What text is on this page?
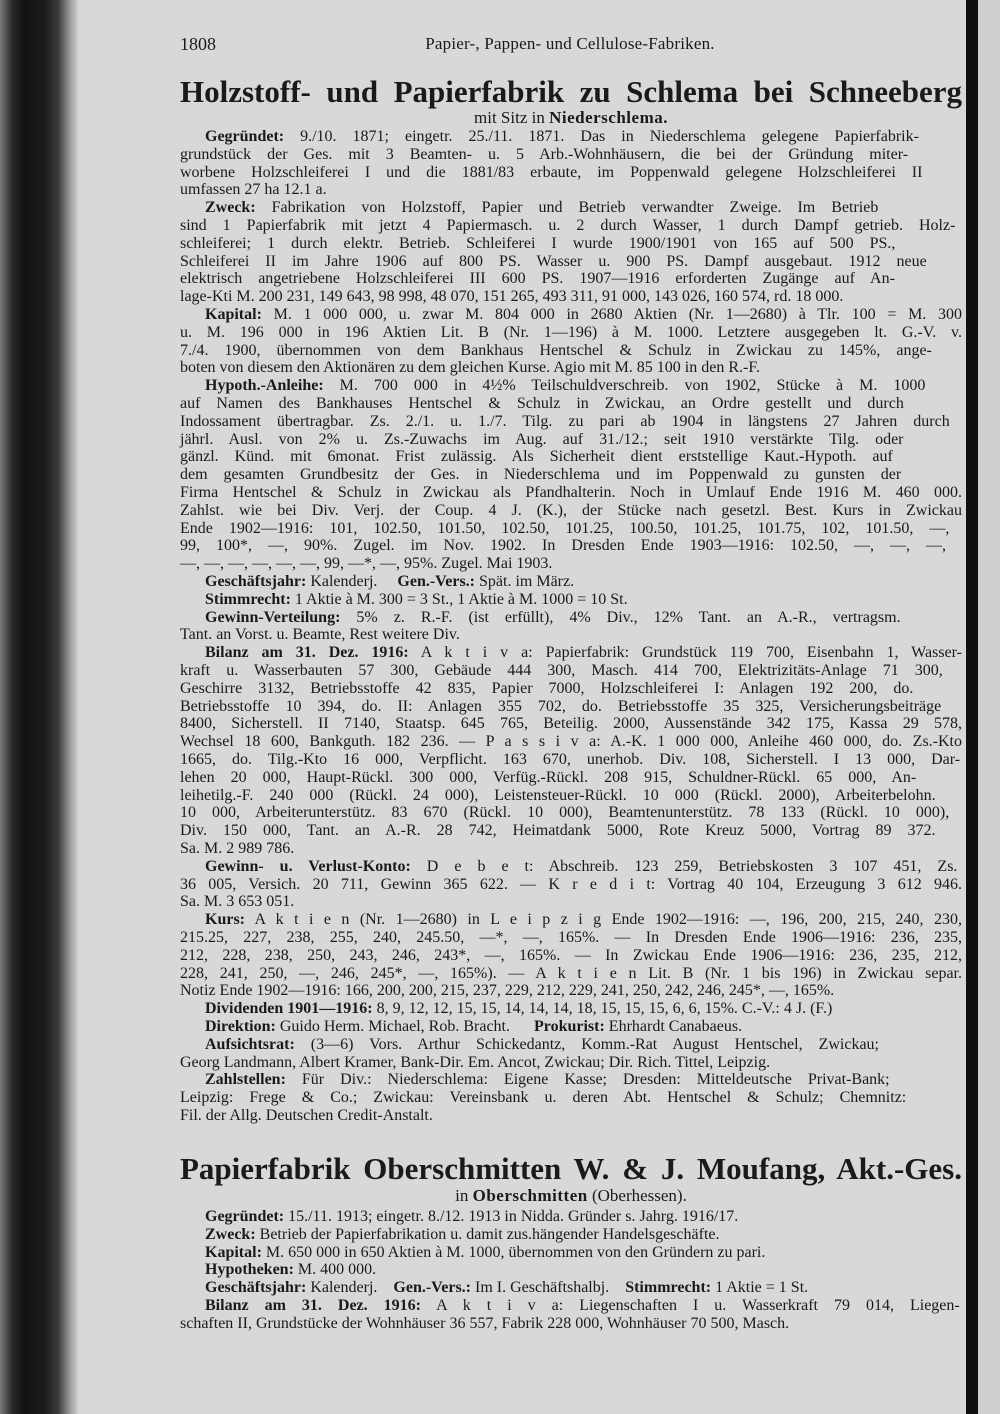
1808	Papier-, Pappen- und Cellulose-Fabriken.
Holzstoff- und Papierfabrik zu Schlema bei Schneeberg
mit Sitz in Niederschlema.
Gegründet: 9./10. 1871; eingetr. 25./11. 1871. Das in Niederschlema gelegene Papierfabrik-
grundstück der Ges. mit 3 Beamten- u. 5 Arb.-Wohnhäusern, die bei der Gründung miter-
worbene Holzschleiferei I und die 1881/83 erbaute, im Poppenwald gelegene Holzschleiferei II
umfassen 27 ha 12.1 a.
Zweck: Fabrikation von Holzstoff, Papier und Betrieb verwandter Zweige. Im Betrieb
sind 1 Papierfabrik mit jetzt 4 Papiermasch. u. 2 durch Wasser, 1 durch Dampf getrieb. Holz-
schleiferei; 1 durch elektr. Betrieb. Schleiferei I wurde 1900/1901 von 165 auf 500 PS.,
Schleiferei II im Jahre 1906 auf 800 PS. Wasser u. 900 PS. Dampf ausgebaut. 1912 neue
elektrisch angetriebene Holzschleiferei III 600 PS. 1907—1916 erforderten Zugänge auf An-
lage-Kti M. 200 231, 149 643, 98 998, 48 070, 151 265, 493 311, 91 000, 143 026, 160 574, rd. 18 000.
Kapital: M. 1 000 000, u. zwar M. 804 000 in 2680 Aktien (Nr. 1—2680) à Tlr. 100 = M. 300
u. M. 196 000 in 196 Aktien Lit. B (Nr. 1—196) à M. 1000. Letztere ausgegeben lt. G.-V. v.
7./4. 1900, übernommen von dem Bankhaus Hentschel & Schulz in Zwickau zu 145%, ange-
boten von diesem den Aktionären zu dem gleichen Kurse. Agio mit M. 85 100 in den R.-F.
Hypoth.-Anleihe: M. 700 000 in 4½% Teilschuldverschreib. von 1902, Stücke à M. 1000
auf Namen des Bankhauses Hentschel & Schulz in Zwickau, an Ordre gestellt und durch
Indossament übertragbar. Zs. 2./1. u. 1./7. Tilg. zu pari ab 1904 in längstens 27 Jahren durch
jährl. Ausl. von 2% u. Zs.-Zuwachs im Aug. auf 31./12.; seit 1910 verstärkte Tilg. oder
gänzl. Künd. mit 6monat. Frist zulässig. Als Sicherheit dient erststellige Kaut.-Hypoth. auf
dem gesamten Grundbesitz der Ges. in Niederschlema und im Poppenwald zu gunsten der
Firma Hentschel & Schulz in Zwickau als Pfandhalterin. Noch in Umlauf Ende 1916 M. 460 000.
Zahlst. wie bei Div. Verj. der Coup. 4 J. (K.), der Stücke nach gesetzl. Best. Kurs in Zwickau
Ende 1902—1916: 101, 102.50, 101.50, 102.50, 101.25, 100.50, 101.25, 101.75, 102, 101.50, —,
99, 100*, —, 90%. Zugel. im Nov. 1902. In Dresden Ende 1903—1916: 102.50, —, —, —,
—, —, —, —, —, —, 99, —*, —, 95%. Zugel. Mai 1903.
Geschäftsjahr: Kalenderj.     Gen.-Vers.: Spät. im März.
Stimmrecht: 1 Aktie à M. 300 = 3 St., 1 Aktie à M. 1000 = 10 St.
Gewinn-Verteilung: 5% z. R.-F. (ist erfüllt), 4% Div., 12% Tant. an A.-R., vertragsm.
Tant. an Vorst. u. Beamte, Rest weitere Div.
Bilanz am 31. Dez. 1916: A k t i v a: Papierfabrik: Grundstück 119 700, Eisenbahn 1, Wasser-
kraft u. Wasserbauten 57 300, Gebäude 444 300, Masch. 414 700, Elektrizitäts-Anlage 71 300,
Geschirre 3132, Betriebsstoffe 42 835, Papier 7000, Holzschleiferei I: Anlagen 192 200, do.
Betriebsstoffe 10 394, do. II: Anlagen 355 702, do. Betriebsstoffe 35 325, Versicherungsbeiträge
8400, Sicherstell. II 7140, Staatsp. 645 765, Beteilig. 2000, Aussenstände 342 175, Kassa 29 578,
Wechsel 18 600, Bankguth. 182 236. — P a s s i v a: A.-K. 1 000 000, Anleihe 460 000, do. Zs.-Kto
1665, do. Tilg.-Kto 16 000, Verpflicht. 163 670, unerhob. Div. 108, Sicherstell. I 13 000, Dar-
lehen 20 000, Haupt-Rückl. 300 000, Verfüg.-Rückl. 208 915, Schuldner-Rückl. 65 000, An-
leihetilg.-F. 240 000 (Rückl. 24 000), Leistensteuer-Rückl. 10 000 (Rückl. 2000), Arbeiterbelohn.
10 000, Arbeiterunterstütz. 83 670 (Rückl. 10 000), Beamtenunterstütz. 78 133 (Rückl. 10 000),
Div. 150 000, Tant. an A.-R. 28 742, Heimatdank 5000, Rote Kreuz 5000, Vortrag 89 372.
Sa. M. 2 989 786.
Gewinn- u. Verlust-Konto: D e b e t: Abschreib. 123 259, Betriebskosten 3 107 451, Zs.
36 005, Versich. 20 711, Gewinn 365 622. — K r e d i t: Vortrag 40 104, Erzeugung 3 612 946.
Sa. M. 3 653 051.
Kurs: A k t i e n (Nr. 1—2680) in L e i p z i g Ende 1902—1916: —, 196, 200, 215, 240, 230,
215.25, 227, 238, 255, 240, 245.50, —*, —, 165%. — In Dresden Ende 1906—1916: 236, 235,
212, 228, 238, 250, 243, 246, 243*, —, 165%. — In Zwickau Ende 1906—1916: 236, 235, 212,
228, 241, 250, —, 246, 245*, —, 165%). — A k t i e n Lit. B (Nr. 1 bis 196) in Zwickau separ.
Notiz Ende 1902—1916: 166, 200, 200, 215, 237, 229, 212, 229, 241, 250, 242, 246, 245*, —, 165%.
Dividenden 1901—1916: 8, 9, 12, 12, 15, 15, 14, 14, 14, 18, 15, 15, 15, 6, 6, 15%. C.-V.: 4 J. (F.)
Direktion: Guido Herm. Michael, Rob. Bracht.      Prokurist: Ehrhardt Canabaeus.
Aufsichtsrat: (3—6) Vors. Arthur Schickedantz, Komm.-Rat August Hentschel, Zwickau;
Georg Landmann, Albert Kramer, Bank-Dir. Em. Ancot, Zwickau; Dir. Rich. Tittel, Leipzig.
Zahlstellen: Für Div.: Niederschlema: Eigene Kasse; Dresden: Mitteldeutsche Privat-Bank;
Leipzig: Frege & Co.; Zwickau: Vereinsbank u. deren Abt. Hentschel & Schulz; Chemnitz:
Fil. der Allg. Deutschen Credit-Anstalt.
Papierfabrik Oberschmitten W. & J. Moufang, Akt.-Ges.
in Oberschmitten (Oberhessen).
Gegründet: 15./11. 1913; eingetr. 8./12. 1913 in Nidda. Gründer s. Jahrg. 1916/17.
Zweck: Betrieb der Papierfabrikation u. damit zus.hängender Handelsgeschäfte.
Kapital: M. 650 000 in 650 Aktien à M. 1000, übernommen von den Gründern zu pari.
Hypotheken: M. 400 000.
Geschäftsjahr: Kalenderj.    Gen.-Vers.: Im I. Geschäftshalbj.    Stimmrecht: 1 Aktie = 1 St.
Bilanz am 31. Dez. 1916: A k t i v a: Liegenschaften I u. Wasserkraft 79 014, Liegen-
schaften II, Grundstücke der Wohnhäuser 36 557, Fabrik 228 000, Wohnhäuser 70 500, Masch.
